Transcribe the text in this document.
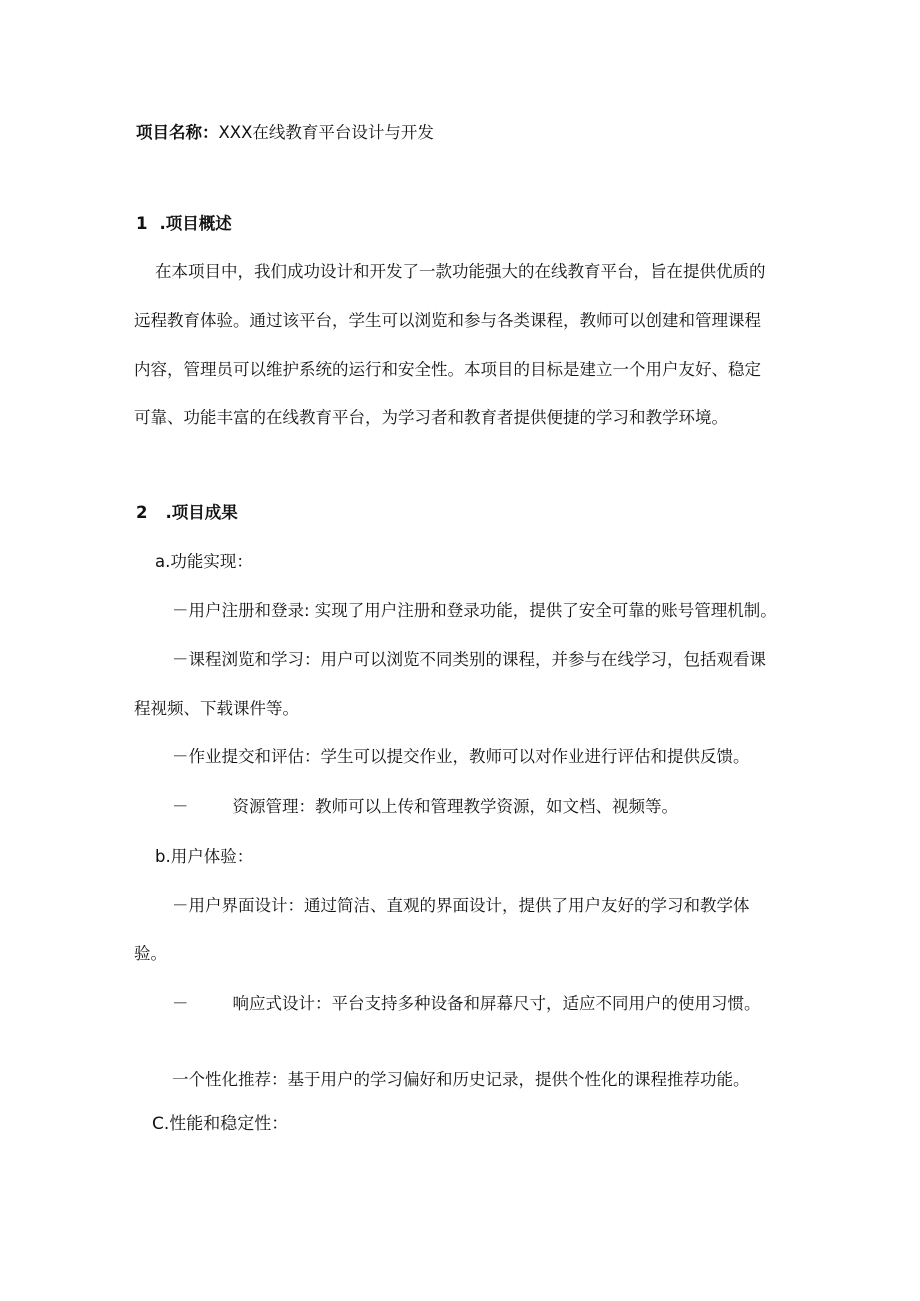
项目名称：XXX在线教育平台设计与开发
1 .项目概述
在本项目中，我们成功设计和开发了一款功能强大的在线教育平台，旨在提供优质的
远程教育体验。通过该平台，学生可以浏览和参与各类课程，教师可以创建和管理课程
内容，管理员可以维护系统的运行和安全性。本项目的目标是建立一个用户友好、稳定
可靠、功能丰富的在线教育平台，为学习者和教育者提供便捷的学习和教学环境。
2 .项目成果
a.功能实现：
－用户注册和登录: 实现了用户注册和登录功能，提供了安全可靠的账号管理机制。
－课程浏览和学习：用户可以浏览不同类别的课程，并参与在线学习，包括观看课
程视频、下载课件等。
－作业提交和评估：学生可以提交作业，教师可以对作业进行评估和提供反馈。
－	资源管理：教师可以上传和管理教学资源，如文档、视频等。
b.用户体验：
－用户界面设计：通过简洁、直观的界面设计，提供了用户友好的学习和教学体
验。
－	响应式设计：平台支持多种设备和屏幕尺寸，适应不同用户的使用习惯。
一个性化推荐：基于用户的学习偏好和历史记录，提供个性化的课程推荐功能。
C.性能和稳定性：
